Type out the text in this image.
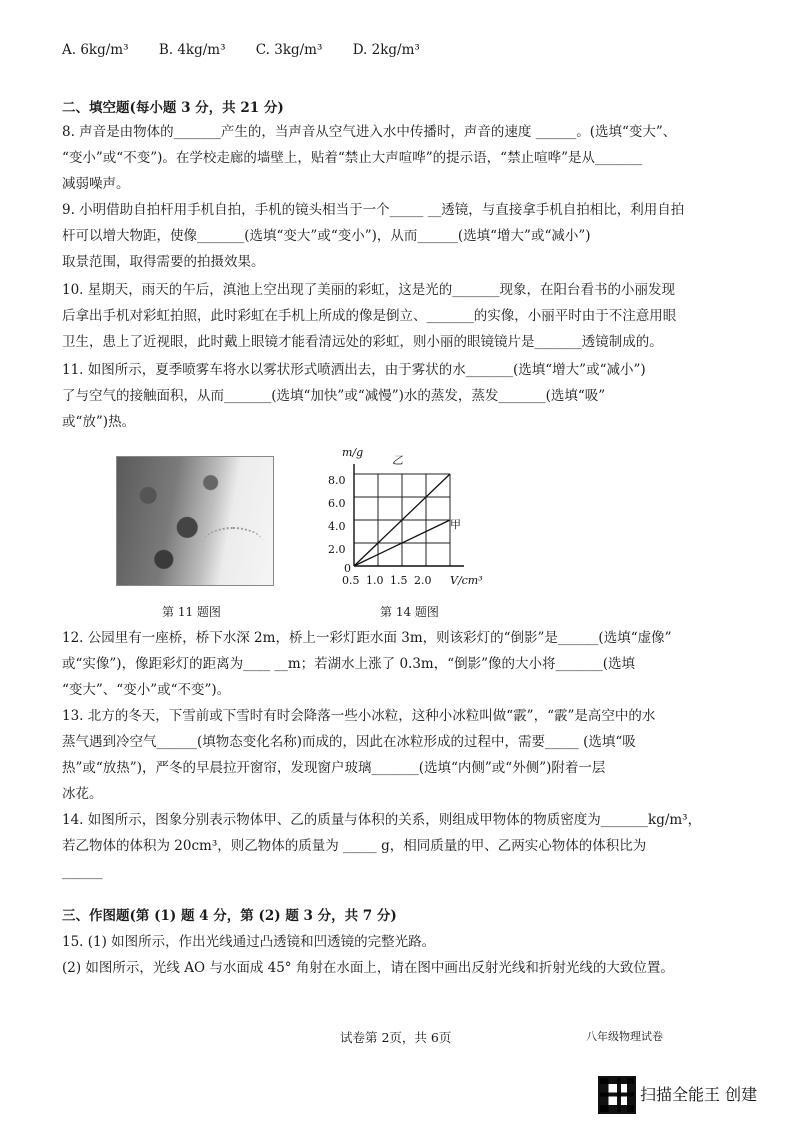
A. 6kg/m³ B. 4kg/m³ C. 3kg/m³ D. 2kg/m³
二、填空题(每小题 3 分，共 21 分)
8. 声音是由物体的_______产生的，当声音从空气进入水中传播时，声音的速度 ______。(选填“变大”、
“变小”或“不变”)。在学校走廊的墙壁上，贴着“禁止大声喧哗”的提示语，“禁止喧哗”是从_______
减弱噪声。
9. 小明借助自拍杆用手机自拍，手机的镜头相当于一个_____ __透镜，与直接拿手机自拍相比，利用自拍
杆可以增大物距，使像_______(选填“变大”或“变小”)，从而______(选填“增大”或“减小”)
取景范围，取得需要的拍摄效果。
10. 星期天，雨天的午后，滇池上空出现了美丽的彩虹，这是光的_______现象，在阳台看书的小丽发现
后拿出手机对彩虹拍照，此时彩虹在手机上所成的像是倒立、_______的实像，小丽平时由于不注意用眼
卫生，患上了近视眼，此时戴上眼镜才能看清远处的彩虹，则小丽的眼镜镜片是_______透镜制成的。
11. 如图所示，夏季喷雾车将水以雾状形式喷洒出去，由于雾状的水_______(选填“增大”或“减小”)
了与空气的接触面积，从而_______(选填“加快”或“减慢”)水的蒸发，蒸发_______(选填“吸”
或“放”)热。
第 11 题图
m/g
V/cm³
8.0
6.0
4.0
2.0
0
0.5 1.0 1.5 2.0
乙
甲
第 14 题图
12. 公园里有一座桥，桥下水深 2m，桥上一彩灯距水面 3m，则该彩灯的“倒影”是______(选填“虚像”
或“实像”)，像距彩灯的距离为____ __m；若湖水上涨了 0.3m，“倒影”像的大小将_______(选填
“变大”、“变小”或“不变”)。
13. 北方的冬天，下雪前或下雪时有时会降落一些小冰粒，这种小冰粒叫做“霰”，“霰”是高空中的水
蒸气遇到冷空气______(填物态变化名称)而成的，因此在冰粒形成的过程中，需要_____ (选填“吸
热”或“放热”)，严冬的早晨拉开窗帘，发现窗户玻璃_______(选填“内侧”或“外侧”)附着一层
冰花。
14. 如图所示，图象分别表示物体甲、乙的质量与体积的关系，则组成甲物体的物质密度为_______kg/m³，
若乙物体的体积为 20cm³，则乙物体的质量为 _____ g，相同质量的甲、乙两实心物体的体积比为
______
三、作图题(第 (1) 题 4 分，第 (2) 题 3 分，共 7 分)
15. (1) 如图所示，作出光线通过凸透镜和凹透镜的完整光路。
(2) 如图所示，光线 AO 与水面成 45° 角射在水面上，请在图中画出反射光线和折射光线的大致位置。
试卷第 2页，共 6页	八年级物理试卷
扫描全能王 创建
